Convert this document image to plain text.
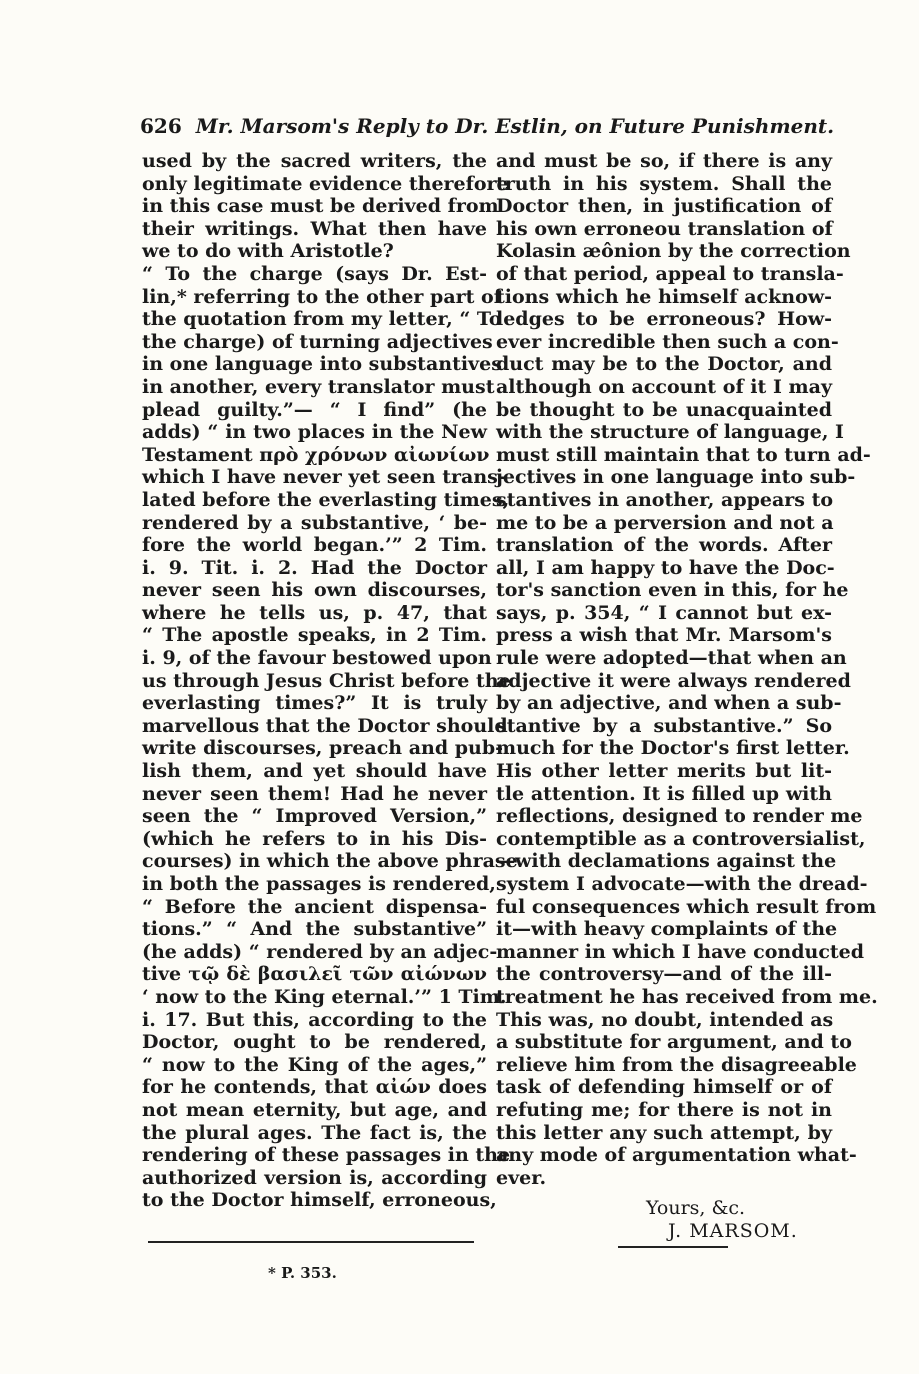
626 Mr. Marsom's Reply to Dr. Estlin, on Future Punishment.
used by the sacred writers, the
only legitimate evidence therefore
in this case must be derived from
their writings. What then have
we to do with Aristotle?
“ To the charge (says Dr. Est-
lin,* referring to the other part of
the quotation from my letter, “ To
the charge) of turning adjectives
in one language into substantives
in another, every translator must
plead guilty.”— “ I find” (he
adds) “ in two places in the New
Testament πρὸ χρόνων αἰωνίων
which I have never yet seen trans-
lated before the everlasting times,
rendered by a substantive, ‘ be-
fore the world began.’” 2 Tim.
i. 9. Tit. i. 2. Had the Doctor
never seen his own discourses,
where he tells us, p. 47, that
“ The apostle speaks, in 2 Tim.
i. 9, of the favour bestowed upon
us through Jesus Christ before the
everlasting times?” It is truly
marvellous that the Doctor should
write discourses, preach and pub-
lish them, and yet should have
never seen them! Had he never
seen the “ Improved Version,”
(which he refers to in his Dis-
courses) in which the above phrase
in both the passages is rendered,
“ Before the ancient dispensa-
tions.” “ And the substantive”
(he adds) “ rendered by an adjec-
tive τῷ δὲ βασιλεῖ τῶν αἰώνων
‘ now to the King eternal.’” 1 Tim.
i. 17. But this, according to the
Doctor, ought to be rendered,
“ now to the King of the ages,”
for he contends, that αἰών does
not mean eternity, but age, and
the plural ages. The fact is, the
rendering of these passages in the
authorized version is, according
to the Doctor himself, erroneous,
and must be so, if there is any
truth in his system. Shall the
Doctor then, in justification of
his own erroneou translation of
Kolasin æônion by the correction
of that period, appeal to transla-
tions which he himself acknow-
ledges to be erroneous? How-
ever incredible then such a con-
duct may be to the Doctor, and
although on account of it I may
be thought to be unacquainted
with the structure of language, I
must still maintain that to turn ad-
jectives in one language into sub-
stantives in another, appears to
me to be a perversion and not a
translation of the words. After
all, I am happy to have the Doc-
tor's sanction even in this, for he
says, p. 354, “ I cannot but ex-
press a wish that Mr. Marsom's
rule were adopted—that when an
adjective it were always rendered
by an adjective, and when a sub-
stantive by a substantive.” So
much for the Doctor's first letter.
His other letter merits but lit-
tle attention. It is filled up with
reflections, designed to render me
contemptible as a controversialist,
—with declamations against the
system I advocate—with the dread-
ful consequences which result from
it—with heavy complaints of the
manner in which I have conducted
the controversy—and of the ill-
treatment he has received from me.
This was, no doubt, intended as
a substitute for argument, and to
relieve him from the disagreeable
task of defending himself or of
refuting me; for there is not in
this letter any such attempt, by
any mode of argumentation what-
ever.
Yours, &c.
J. MARSOM.
* P. 353.
